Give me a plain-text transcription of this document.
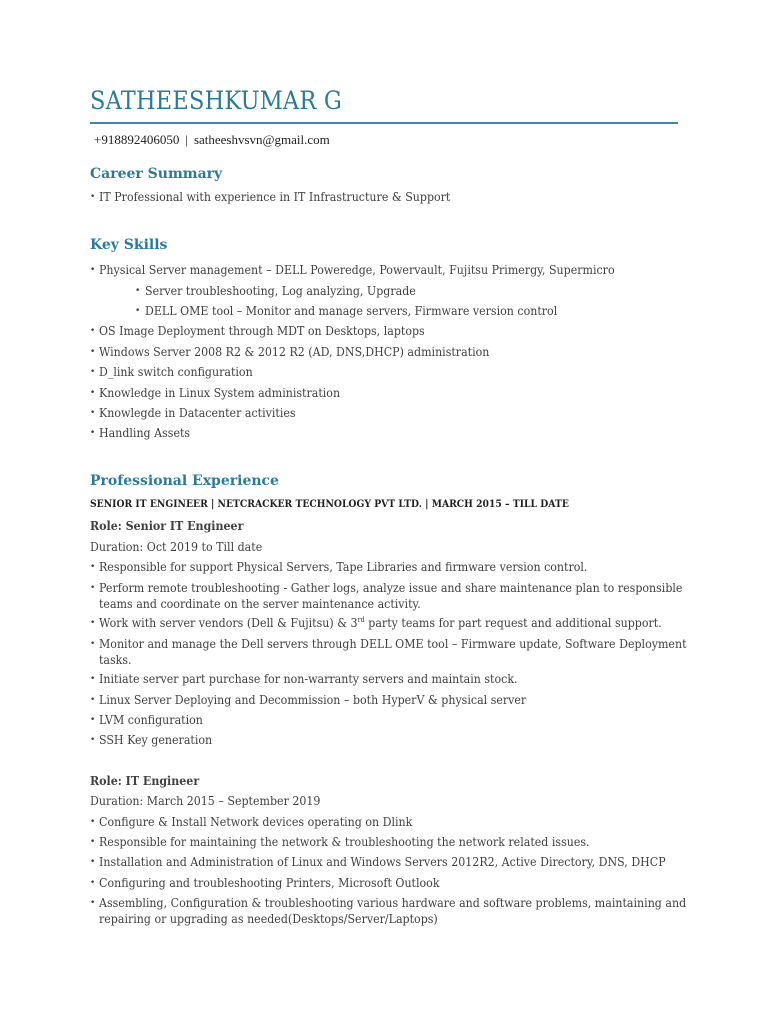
SATHEESHKUMAR G
+918892406050 | satheeshvsvn@gmail.com
Career Summary
• IT Professional with experience in IT Infrastructure & Support
Key Skills
• Physical Server management – DELL Poweredge, Powervault, Fujitsu Primergy, Supermicro
• Server troubleshooting, Log analyzing, Upgrade
• DELL OME tool – Monitor and manage servers, Firmware version control
• OS Image Deployment through MDT on Desktops, laptops
• Windows Server 2008 R2 & 2012 R2 (AD, DNS,DHCP) administration
• D_link switch configuration
• Knowledge in Linux System administration
• Knowlegde in Datacenter activities
• Handling Assets
Professional Experience
SENIOR IT ENGINEER | NETCRACKER TECHNOLOGY PVT LTD. | MARCH 2015 – TILL DATE
Role: Senior IT Engineer
Duration: Oct 2019 to Till date
• Responsible for support Physical Servers, Tape Libraries and firmware version control.
• Perform remote troubleshooting - Gather logs, analyze issue and share maintenance plan to responsible
teams and coordinate on the server maintenance activity.
• Work with server vendors (Dell & Fujitsu) & 3rd party teams for part request and additional support.
• Monitor and manage the Dell servers through DELL OME tool – Firmware update, Software Deployment
tasks.
• Initiate server part purchase for non-warranty servers and maintain stock.
• Linux Server Deploying and Decommission – both HyperV & physical server
• LVM configuration
• SSH Key generation
Role: IT Engineer
Duration: March 2015 – September 2019
• Configure & Install Network devices operating on Dlink
• Responsible for maintaining the network & troubleshooting the network related issues.
• Installation and Administration of Linux and Windows Servers 2012R2, Active Directory, DNS, DHCP
• Configuring and troubleshooting Printers, Microsoft Outlook
• Assembling, Configuration & troubleshooting various hardware and software problems, maintaining and
repairing or upgrading as needed(Desktops/Server/Laptops)
